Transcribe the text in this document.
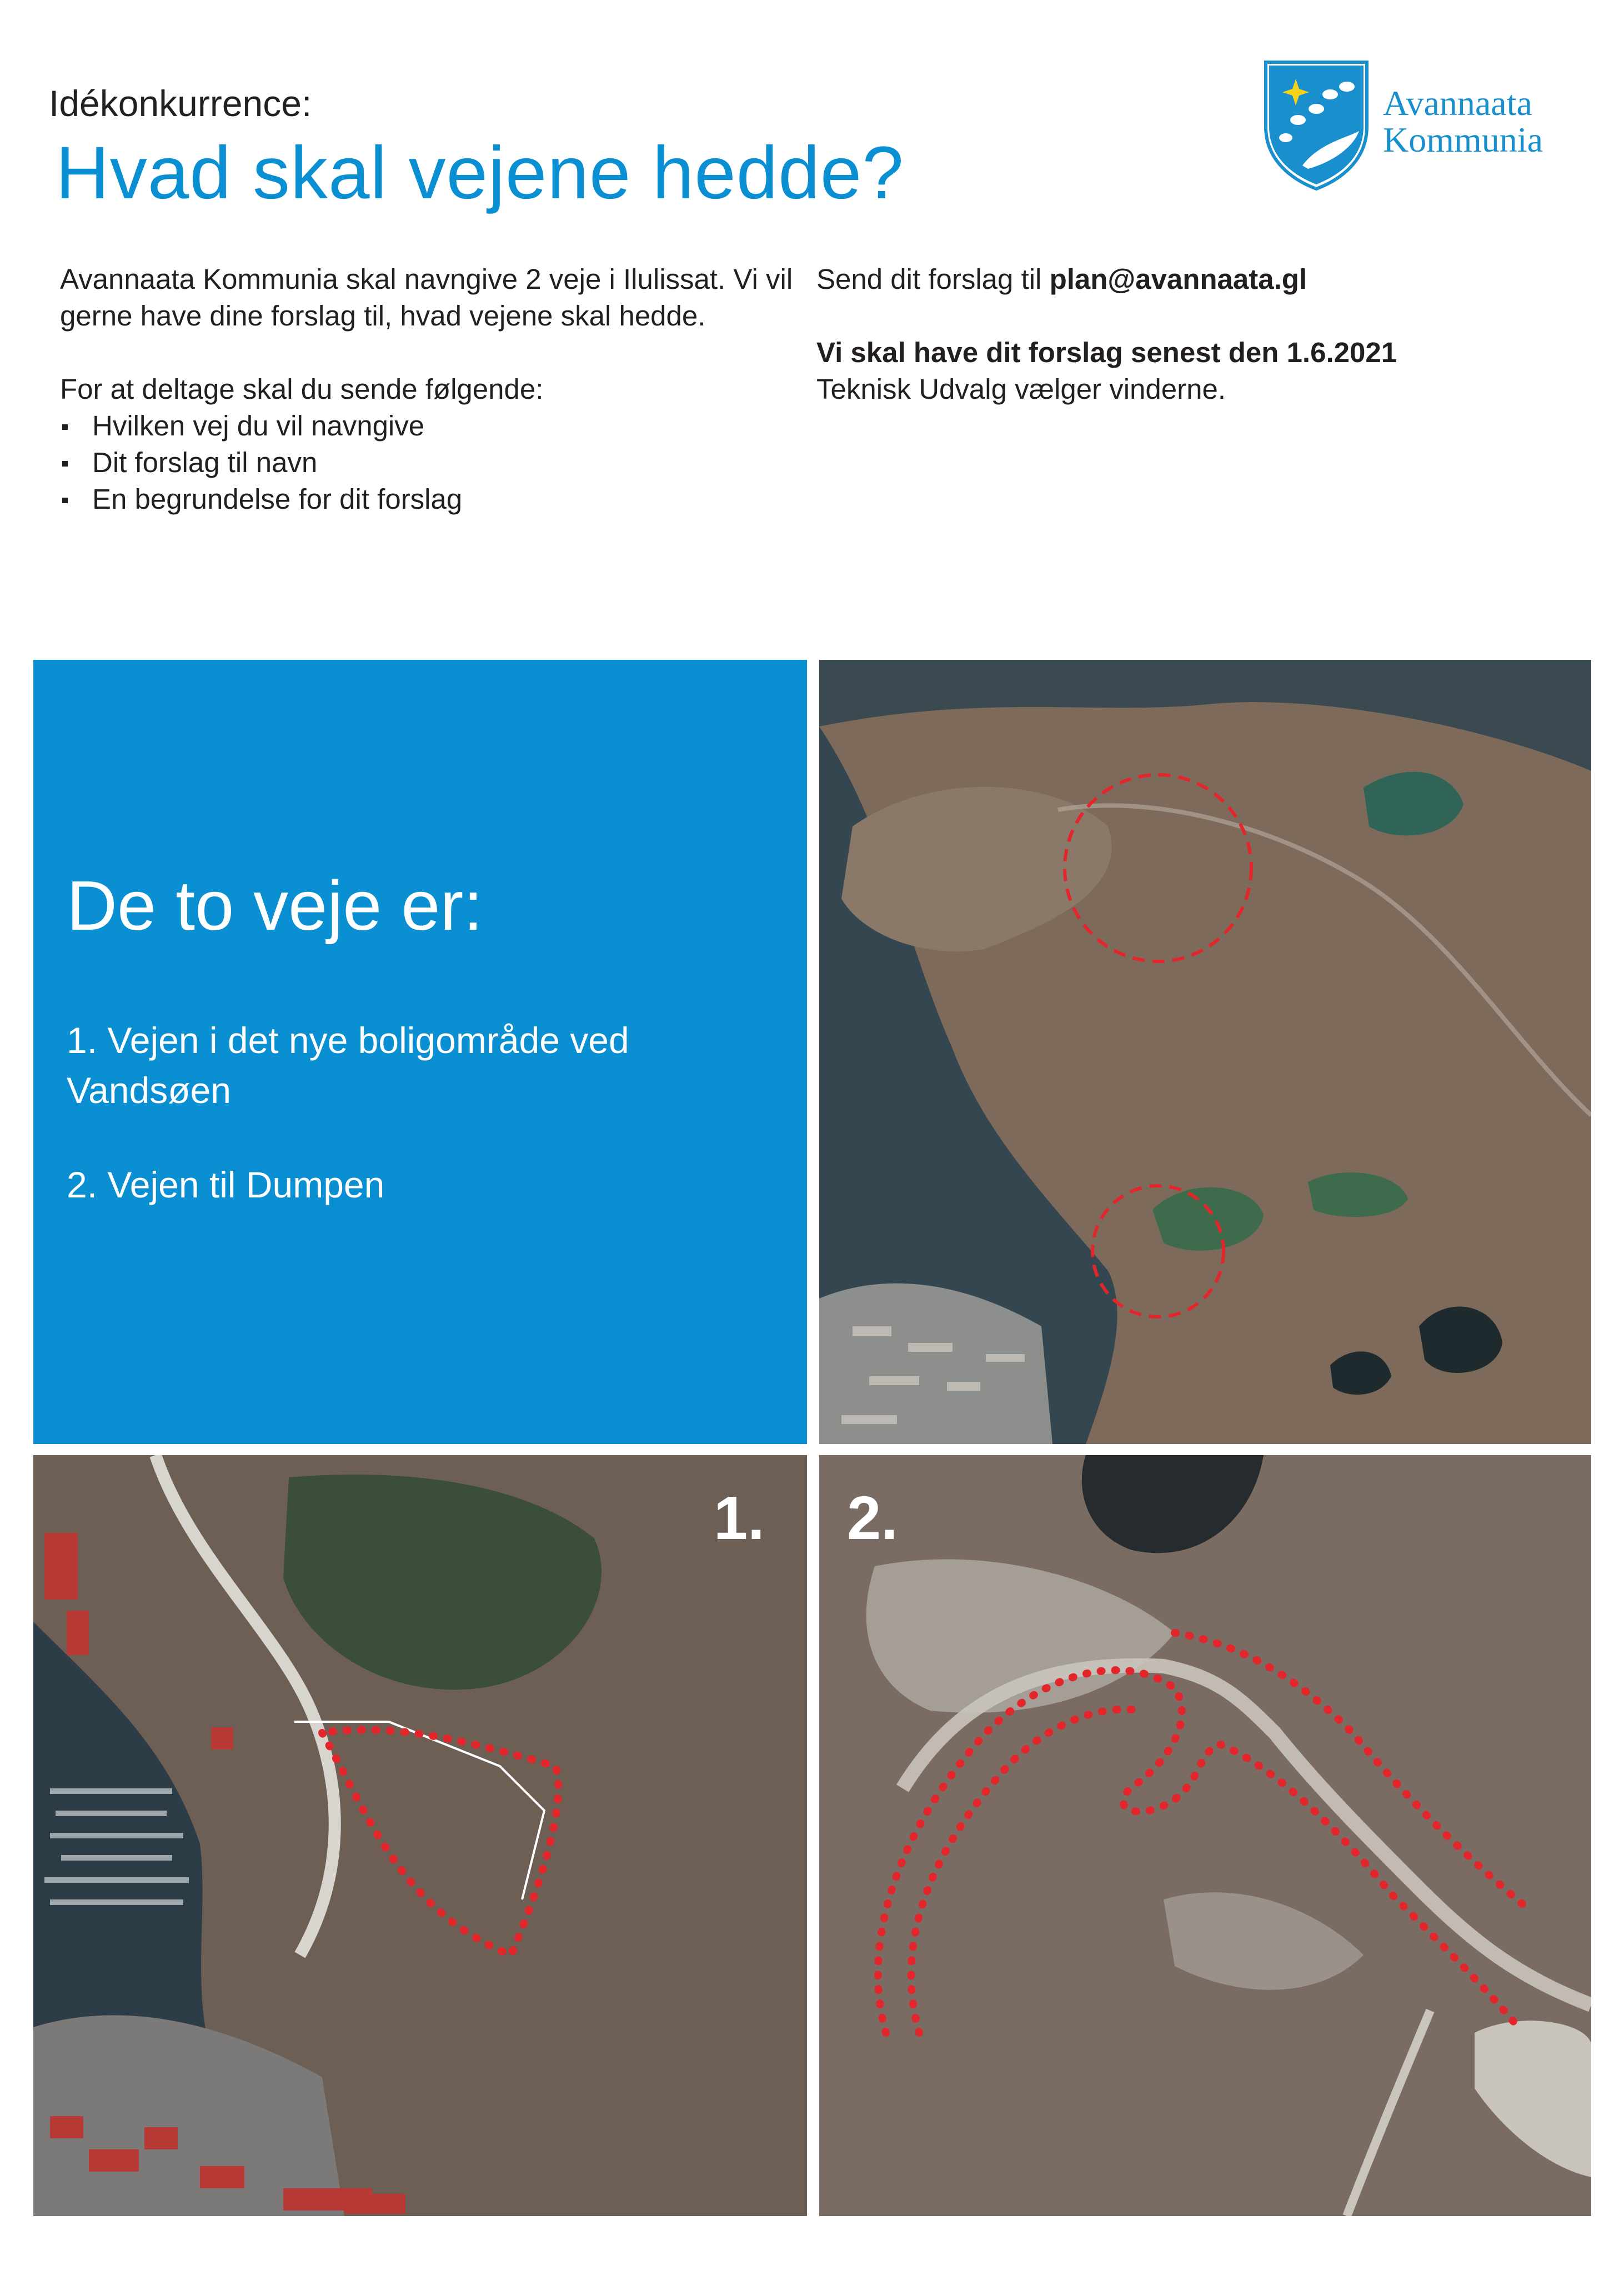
Idékonkurrence:
Hvad skal vejene hedde?
Avannaata
Kommunia

Avannaata Kommunia skal navngive 2 veje i Ilulissat. Vi vil gerne have dine forslag til, hvad vejene skal hedde.

For at deltage skal du sende følgende:

Hvilken vej du vil navngive
Dit forslag til navn
En begrundelse for dit forslag

Send dit forslag til plan@avannaata.gl

Vi skal have dit forslag senest den 1.6.2021

Teknisk Udvalg vælger vinderne.

De to veje er:
1. Vejen i det nye boligområde ved Vandsøen
2. Vejen til Dumpen
1. 2.
